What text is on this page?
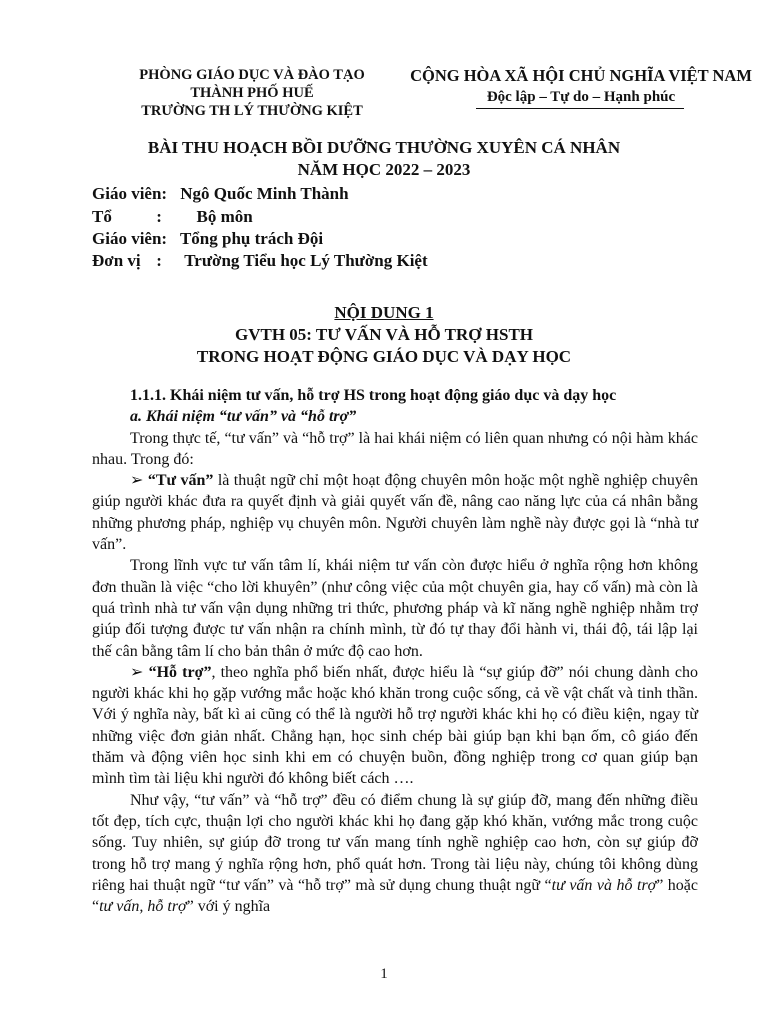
PHÒNG GIÁO DỤC VÀ ĐÀO TẠO
THÀNH PHỐ HUẾ
TRƯỜNG TH LÝ THƯỜNG KIỆT
CỘNG HÒA XÃ HỘI CHỦ NGHĨA VIỆT NAM
Độc lập – Tự do – Hạnh phúc
BÀI THU HOẠCH BỒI DƯỠNG THƯỜNG XUYÊN CÁ NHÂN
NĂM HỌC 2022 – 2023
Giáo viên: Ngô Quốc Minh Thành
Tổ	: Bộ môn
Giáo viên: Tổng phụ trách Đội
Đơn vị : Trường Tiểu học Lý Thường Kiệt
NỘI DUNG 1
GVTH 05: TƯ VẤN VÀ HỖ TRỢ HSTH
TRONG HOẠT ĐỘNG GIÁO DỤC VÀ DẠY HỌC

1.1.1. Khái niệm tư vấn, hỗ trợ HS trong hoạt động giáo dục và dạy học

a. Khái niệm “tư vấn” và “hỗ trợ”

Trong thực tế, “tư vấn” và “hỗ trợ” là hai khái niệm có liên quan nhưng có nội hàm khác nhau. Trong đó:

➢ “Tư vấn” là thuật ngữ chỉ một hoạt động chuyên môn hoặc một nghề nghiệp chuyên giúp người khác đưa ra quyết định và giải quyết vấn đề, nâng cao năng lực của cá nhân bằng những phương pháp, nghiệp vụ chuyên môn. Người chuyên làm nghề này được gọi là “nhà tư vấn”.

Trong lĩnh vực tư vấn tâm lí, khái niệm tư vấn còn được hiểu ở nghĩa rộng hơn không đơn thuần là việc “cho lời khuyên” (như công việc của một chuyên gia, hay cố vấn) mà còn là quá trình nhà tư vấn vận dụng những tri thức, phương pháp và kĩ năng nghề nghiệp nhằm trợ giúp đối tượng được tư vấn nhận ra chính mình, từ đó tự thay đổi hành vi, thái độ, tái lập lại thế cân bằng tâm lí cho bản thân ở mức độ cao hơn.

➢ “Hỗ trợ”, theo nghĩa phổ biến nhất, được hiểu là “sự giúp đỡ” nói chung dành cho người khác khi họ gặp vướng mắc hoặc khó khăn trong cuộc sống, cả về vật chất và tinh thần. Với ý nghĩa này, bất kì ai cũng có thể là người hỗ trợ người khác khi họ có điều kiện, ngay từ những việc đơn giản nhất. Chẳng hạn, học sinh chép bài giúp bạn khi bạn ốm, cô giáo đến thăm và động viên học sinh khi em có chuyện buồn, đồng nghiệp trong cơ quan giúp bạn mình tìm tài liệu khi người đó không biết cách ….

Như vậy, “tư vấn” và “hỗ trợ” đều có điểm chung là sự giúp đỡ, mang đến những điều tốt đẹp, tích cực, thuận lợi cho người khác khi họ đang gặp khó khăn, vướng mắc trong cuộc sống. Tuy nhiên, sự giúp đỡ trong tư vấn mang tính nghề nghiệp cao hơn, còn sự giúp đỡ trong hỗ trợ mang ý nghĩa rộng hơn, phổ quát hơn. Trong tài liệu này, chúng tôi không dùng riêng hai thuật ngữ “tư vấn” và “hỗ trợ” mà sử dụng chung thuật ngữ “tư vấn và hỗ trợ” hoặc “tư vấn, hỗ trợ” với ý nghĩa

1
